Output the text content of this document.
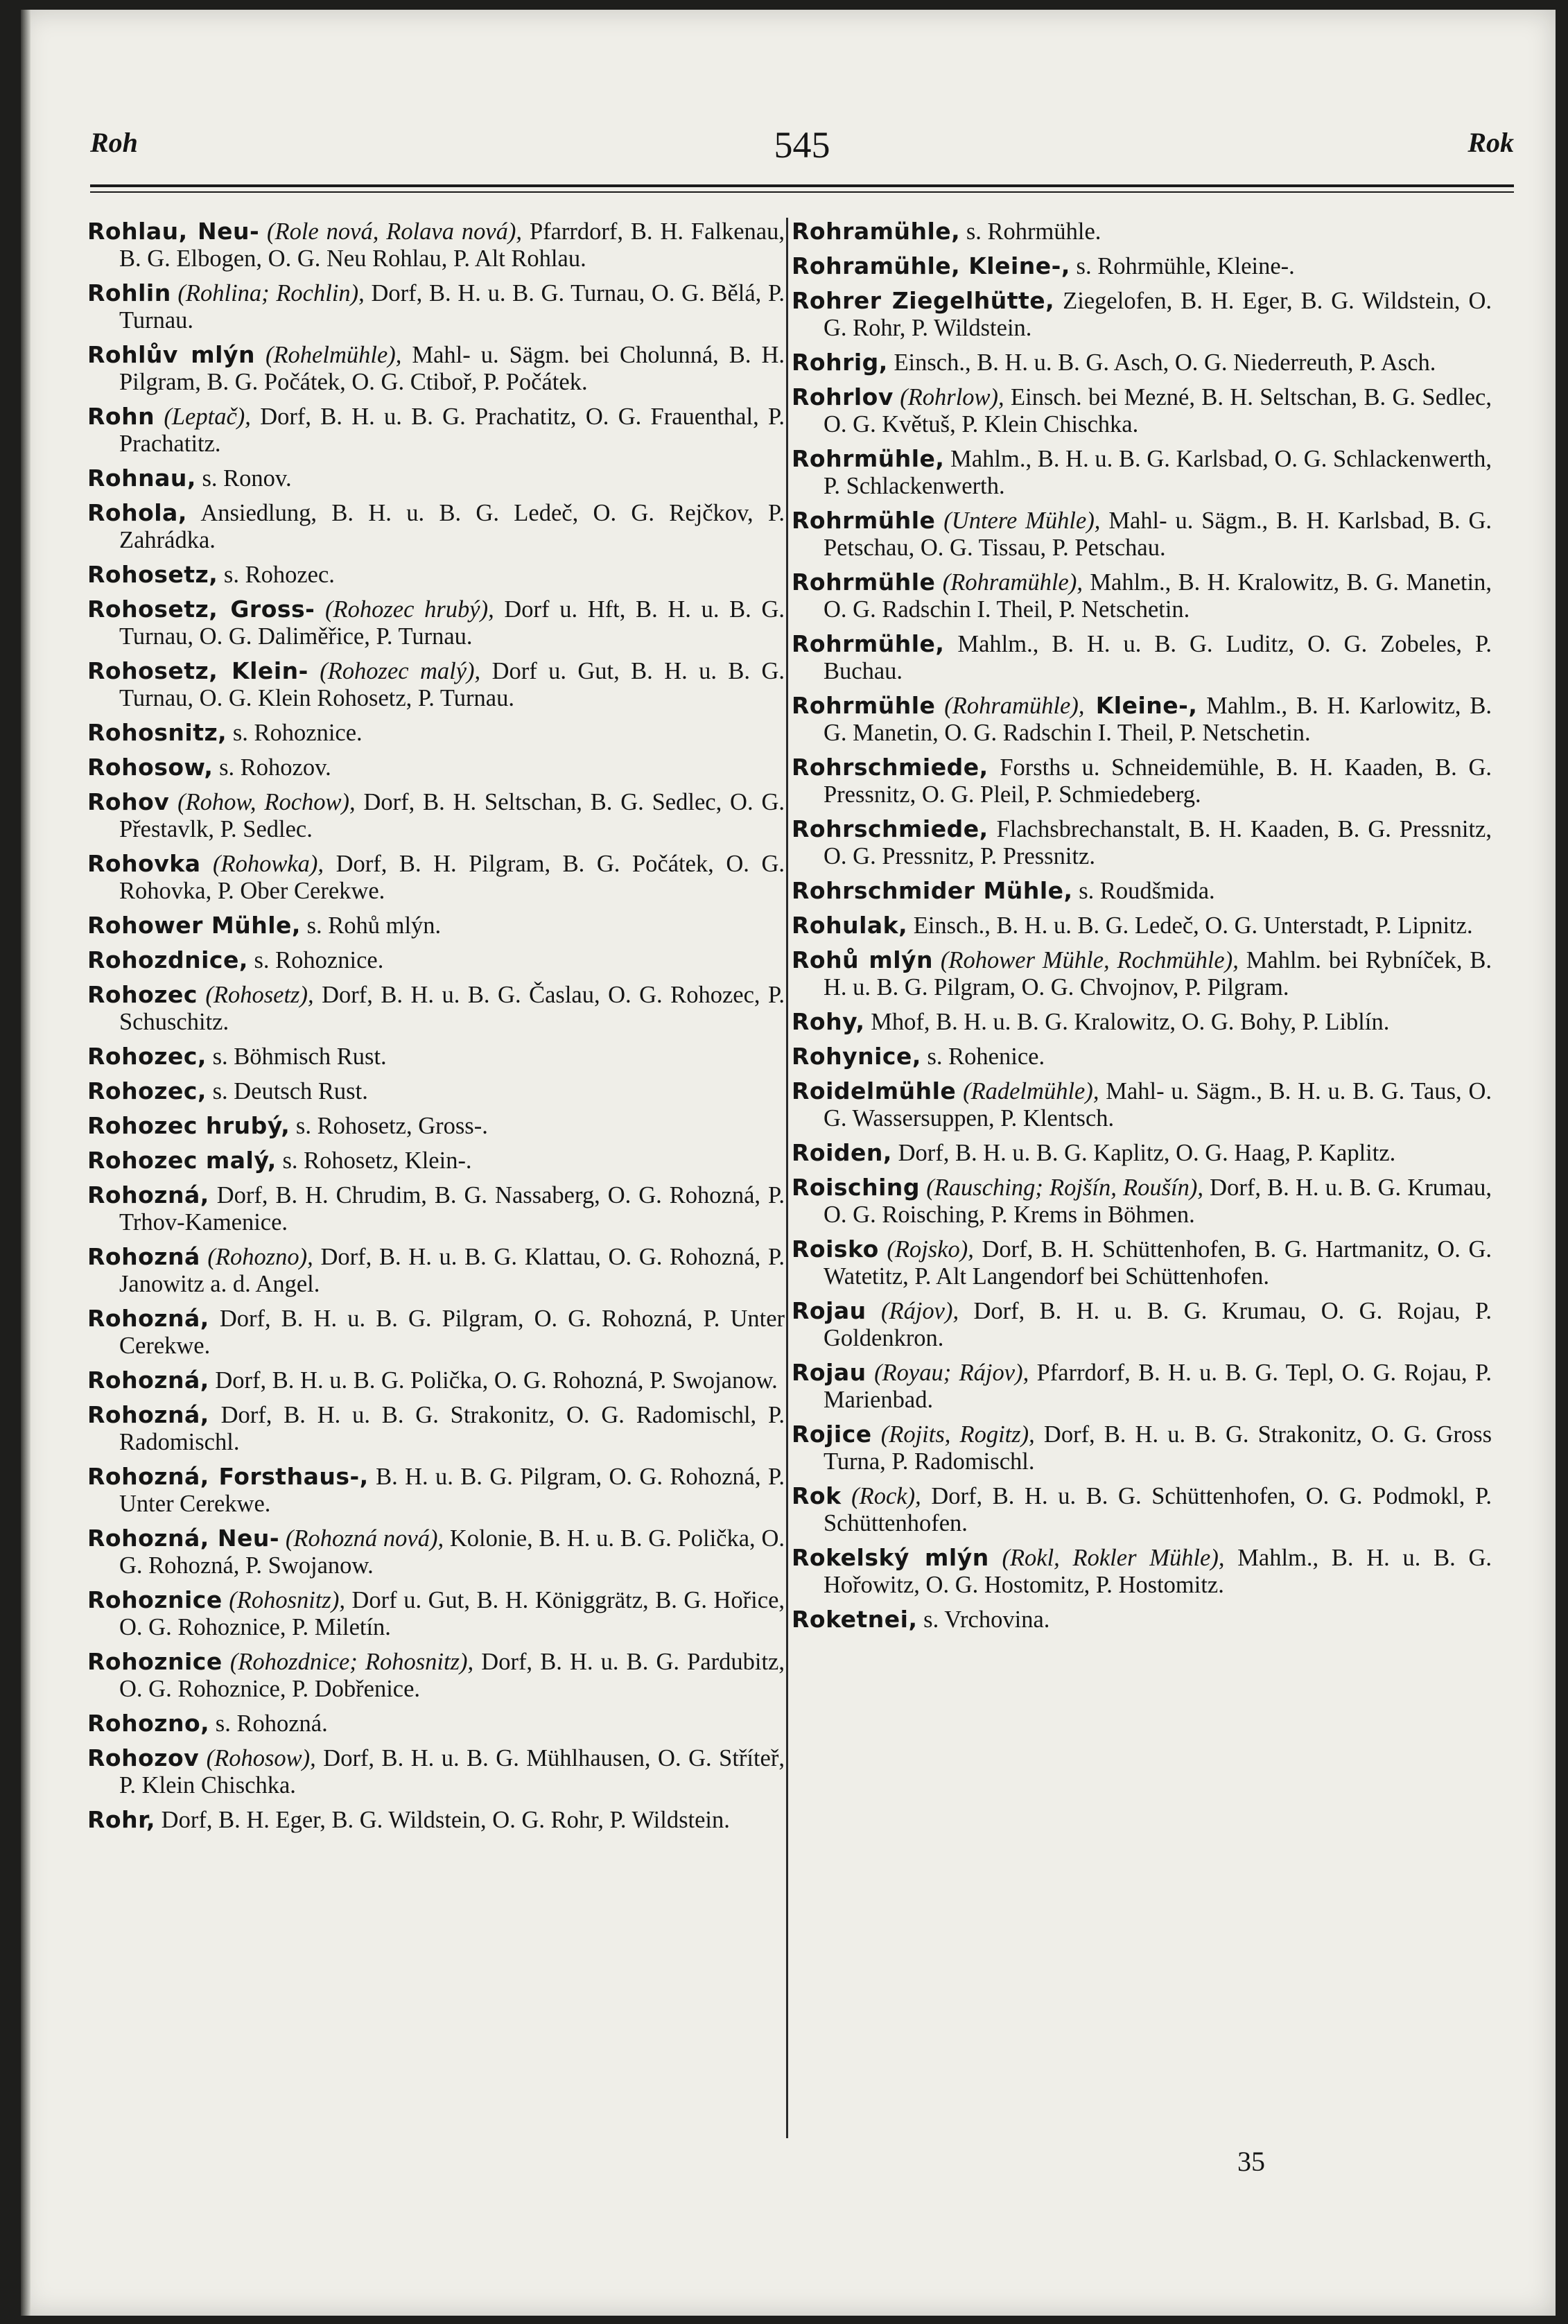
Roh	545	Rok
Rohlau, Neu- (Role nová, Rolava nová), Pfarrdorf, B. H. Falkenau, B. G. Elbogen, O. G. Neu Rohlau, P. Alt Rohlau.
Rohlin (Rohlina; Rochlin), Dorf, B. H. u. B. G. Turnau, O. G. Bělá, P. Turnau.
Rohlův mlýn (Rohelmühle), Mahl- u. Sägm. bei Cholunná, B. H. Pilgram, B. G. Počátek, O. G. Ctiboř, P. Počátek.
Rohn (Leptač), Dorf, B. H. u. B. G. Prachatitz, O. G. Frauenthal, P. Prachatitz.
Rohnau, s. Ronov.
Rohola, Ansiedlung, B. H. u. B. G. Ledeč, O. G. Rejčkov, P. Zahrádka.
Rohosetz, s. Rohozec.
Rohosetz, Gross- (Rohozec hrubý), Dorf u. Hft, B. H. u. B. G. Turnau, O. G. Daliměřice, P. Turnau.
Rohosetz, Klein- (Rohozec malý), Dorf u. Gut, B. H. u. B. G. Turnau, O. G. Klein Rohosetz, P. Turnau.
Rohosnitz, s. Rohoznice.
Rohosow, s. Rohozov.
Rohov (Rohow, Rochow), Dorf, B. H. Seltschan, B. G. Sedlec, O. G. Přestavlk, P. Sedlec.
Rohovka (Rohowka), Dorf, B. H. Pilgram, B. G. Počátek, O. G. Rohovka, P. Ober Cerekwe.
Rohower Mühle, s. Rohů mlýn.
Rohozdnice, s. Rohoznice.
Rohozec (Rohosetz), Dorf, B. H. u. B. G. Časlau, O. G. Rohozec, P. Schuschitz.
Rohozec, s. Böhmisch Rust.
Rohozec, s. Deutsch Rust.
Rohozec hrubý, s. Rohosetz, Gross-.
Rohozec malý, s. Rohosetz, Klein-.
Rohozná, Dorf, B. H. Chrudim, B. G. Nassaberg, O. G. Rohozná, P. Trhov-Kamenice.
Rohozná (Rohozno), Dorf, B. H. u. B. G. Klattau, O. G. Rohozná, P. Janowitz a. d. Angel.
Rohozná, Dorf, B. H. u. B. G. Pilgram, O. G. Rohozná, P. Unter Cerekwe.
Rohozná, Dorf, B. H. u. B. G. Polička, O. G. Rohozná, P. Swojanow.
Rohozná, Dorf, B. H. u. B. G. Strakonitz, O. G. Radomischl, P. Radomischl.
Rohozná, Forsthaus-, B. H. u. B. G. Pilgram, O. G. Rohozná, P. Unter Cerekwe.
Rohozná, Neu- (Rohozná nová), Kolonie, B. H. u. B. G. Polička, O. G. Rohozná, P. Swojanow.
Rohoznice (Rohosnitz), Dorf u. Gut, B. H. Königgrätz, B. G. Hořice, O. G. Rohoznice, P. Miletín.
Rohoznice (Rohozdnice; Rohosnitz), Dorf, B. H. u. B. G. Pardubitz, O. G. Rohoznice, P. Dobřenice.
Rohozno, s. Rohozná.
Rohozov (Rohosow), Dorf, B. H. u. B. G. Mühlhausen, O. G. Stříteř, P. Klein Chischka.
Rohr, Dorf, B. H. Eger, B. G. Wildstein, O. G. Rohr, P. Wildstein.
Rohramühle, s. Rohrmühle.
Rohramühle, Kleine-, s. Rohrmühle, Kleine-.
Rohrer Ziegelhütte, Ziegelofen, B. H. Eger, B. G. Wildstein, O. G. Rohr, P. Wildstein.
Rohrig, Einsch., B. H. u. B. G. Asch, O. G. Niederreuth, P. Asch.
Rohrlov (Rohrlow), Einsch. bei Mezné, B. H. Seltschan, B. G. Sedlec, O. G. Květuš, P. Klein Chischka.
Rohrmühle, Mahlm., B. H. u. B. G. Karlsbad, O. G. Schlackenwerth, P. Schlackenwerth.
Rohrmühle (Untere Mühle), Mahl- u. Sägm., B. H. Karlsbad, B. G. Petschau, O. G. Tissau, P. Petschau.
Rohrmühle (Rohramühle), Mahlm., B. H. Kralowitz, B. G. Manetin, O. G. Radschin I. Theil, P. Netschetin.
Rohrmühle, Mahlm., B. H. u. B. G. Luditz, O. G. Zobeles, P. Buchau.
Rohrmühle (Rohramühle), Kleine-, Mahlm., B. H. Karlowitz, B. G. Manetin, O. G. Radschin I. Theil, P. Netschetin.
Rohrschmiede, Forsths u. Schneidemühle, B. H. Kaaden, B. G. Pressnitz, O. G. Pleil, P. Schmiedeberg.
Rohrschmiede, Flachsbrechanstalt, B. H. Kaaden, B. G. Pressnitz, O. G. Pressnitz, P. Pressnitz.
Rohrschmider Mühle, s. Roudšmida.
Rohulak, Einsch., B. H. u. B. G. Ledeč, O. G. Unterstadt, P. Lipnitz.
Rohů mlýn (Rohower Mühle, Rochmühle), Mahlm. bei Rybníček, B. H. u. B. G. Pilgram, O. G. Chvojnov, P. Pilgram.
Rohy, Mhof, B. H. u. B. G. Kralowitz, O. G. Bohy, P. Liblín.
Rohynice, s. Rohenice.
Roidelmühle (Radelmühle), Mahl- u. Sägm., B. H. u. B. G. Taus, O. G. Wassersuppen, P. Klentsch.
Roiden, Dorf, B. H. u. B. G. Kaplitz, O. G. Haag, P. Kaplitz.
Roisching (Rausching; Rojšín, Roušín), Dorf, B. H. u. B. G. Krumau, O. G. Roisching, P. Krems in Böhmen.
Roisko (Rojsko), Dorf, B. H. Schüttenhofen, B. G. Hartmanitz, O. G. Watetitz, P. Alt Langendorf bei Schüttenhofen.
Rojau (Rájov), Dorf, B. H. u. B. G. Krumau, O. G. Rojau, P. Goldenkron.
Rojau (Royau; Rájov), Pfarrdorf, B. H. u. B. G. Tepl, O. G. Rojau, P. Marienbad.
Rojice (Rojits, Rogitz), Dorf, B. H. u. B. G. Strakonitz, O. G. Gross Turna, P. Radomischl.
Rok (Rock), Dorf, B. H. u. B. G. Schüttenhofen, O. G. Podmokl, P. Schüttenhofen.
Rokelský mlýn (Rokl, Rokler Mühle), Mahlm., B. H. u. B. G. Hořowitz, O. G. Hostomitz, P. Hostomitz.
Roketnei, s. Vrchovina.
35
